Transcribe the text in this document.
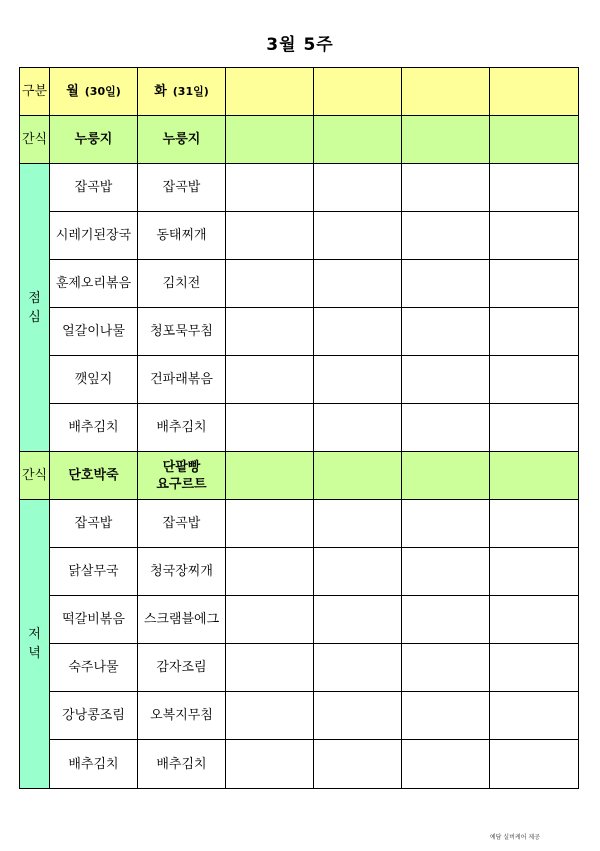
3월 5주
구분	월 (30일)	화 (31일)				
간식	누룽지	누룽지				
점심	잡곡밥	잡곡밥				
	시레기된장국	동태찌개				
	훈제오리볶음	김치전				
	얼갈이나물	청포묵무침				
	깻잎지	건파래볶음				
	배추김치	배추김치				
간식	단호박죽	단팥빵
요구르트				

저녁	잡곡밥	잡곡밥				
	닭살무국	청국장찌개				
	떡갈비볶음	스크램블에그				
	숙주나물	감자조림				
	강낭콩조림	오복지무침				
	배추김치	배추김치				
예담 실버케어 제공
